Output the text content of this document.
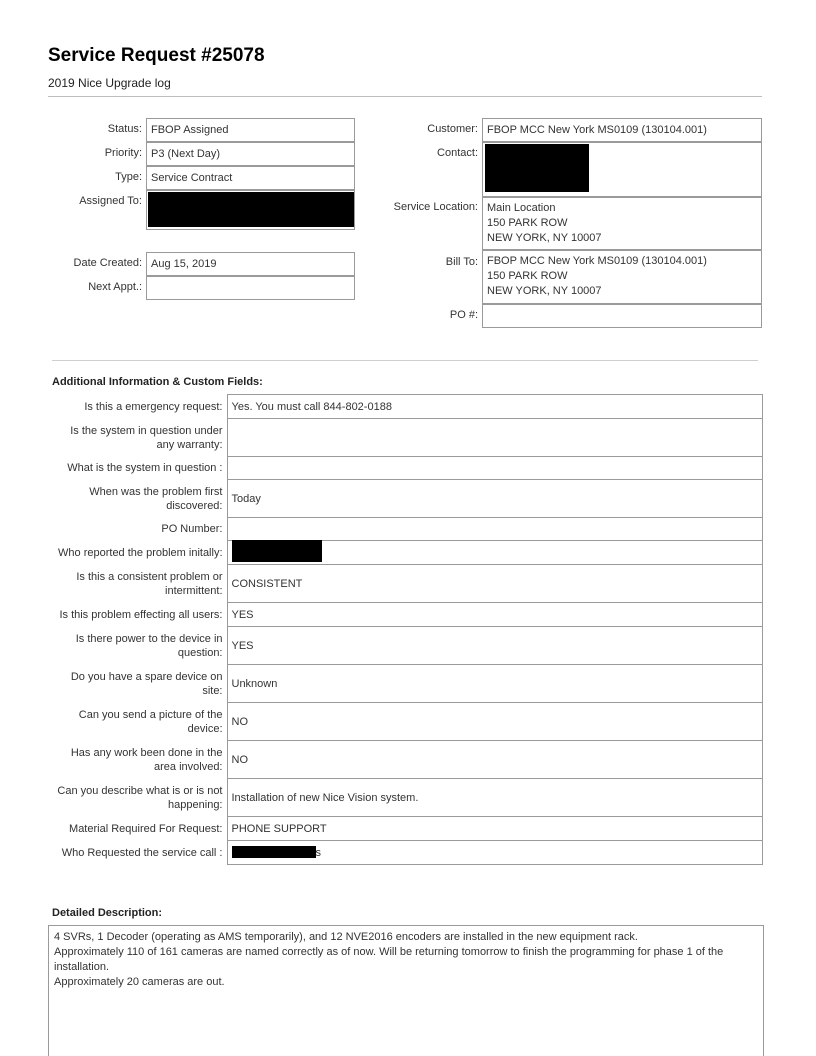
Service Request #25078
2019 Nice Upgrade log
Status: FBOP Assigned
Priority: P3 (Next Day)
Type: Service Contract
Assigned To:
Date Created: Aug 15, 2019
Next Appt.:
Customer: FBOP MCC New York MS0109 (130104.001)
Contact:
Service Location: Main Location
150 PARK ROW
NEW YORK, NY 10007
Bill To: FBOP MCC New York MS0109 (130104.001)
150 PARK ROW
NEW YORK, NY 10007
PO #:
Additional Information & Custom Fields:
Is this a emergency request:	Yes. You must call 844-802-0188
Is the system in question under any warranty:	
What is the system in question :	
When was the problem first discovered:	Today
PO Number:	
Who reported the problem initally:	

Is this a consistent problem or intermittent:	CONSISTENT
Is this problem effecting all users:	YES
Is there power to the device in question:	YES
Do you have a spare device on site:	Unknown
Can you send a picture of the device:	NO
Has any work been done in the area involved:	NO
Can you describe what is or is not happening:	Installation of new Nice Vision system.
Material Required For Request:	PHONE SUPPORT
Who Requested the service call :	s
Detailed Description:

4 SVRs, 1 Decoder (operating as AMS temporarily), and 12 NVE2016 encoders are installed in the new equipment rack.

Approximately 110 of 161 cameras are named correctly as of now. Will be returning tomorrow to finish the programming for phase 1 of the installation.

Approximately 20 cameras are out.
